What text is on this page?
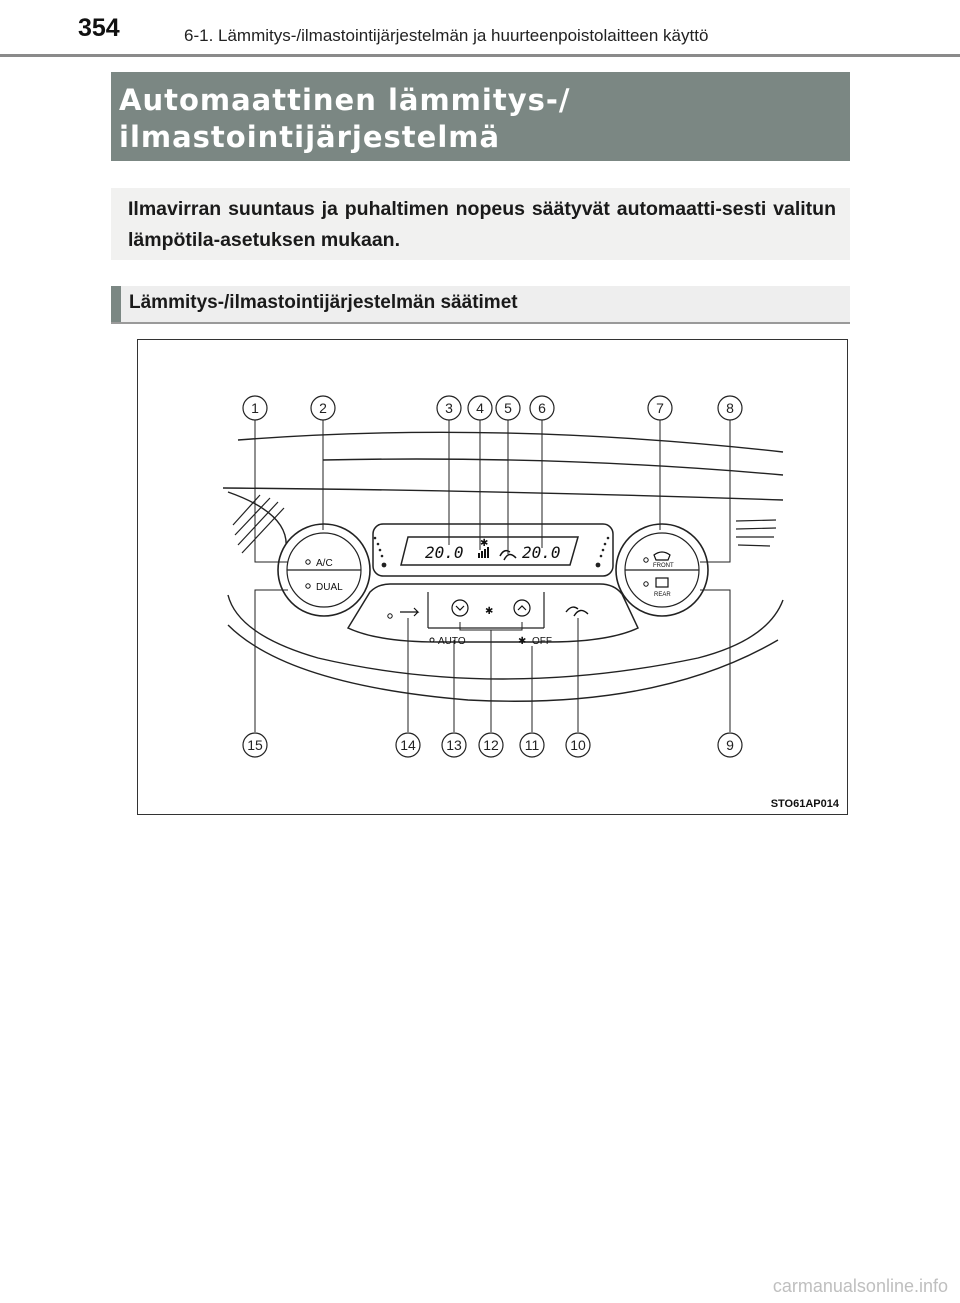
354	6-1. Lämmitys-/ilmastointijärjestelmän ja huurteenpoistolaitteen käyttö
Automaattinen lämmitys-/
ilmastointijärjestelmä
Ilmavirran suuntaus ja puhaltimen nopeus säätyvät automaatti-sesti valitun lämpötila-asetuksen mukaan.
Lämmitys-/ilmastointijärjestelmän säätimet
20.0	20.0
✱
A/C
DUAL
FRONT
REAR
✱
AUTO	✱ OFF
1	2	3 4 5 6	7	8
15	14 13 12 11 10	9
STO61AP014
carmanualsonline.info
